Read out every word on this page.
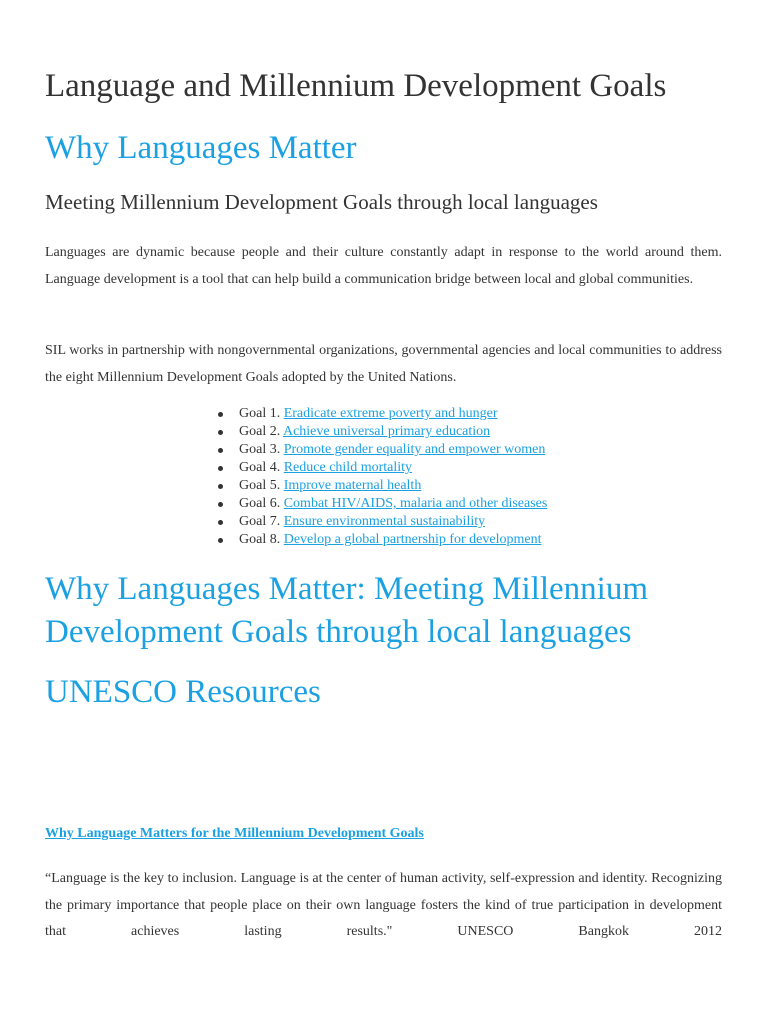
Language and Millennium Development Goals
Why Languages Matter
Meeting Millennium Development Goals through local languages

Languages are dynamic because people and their culture constantly adapt in response to the world around them. Language development is a tool that can help build a communication bridge between local and global communities.

SIL works in partnership with nongovernmental organizations, governmental agencies and local communities to address the eight Millennium Development Goals adopted by the United Nations.

Goal 1. Eradicate extreme poverty and hunger
Goal 2. Achieve universal primary education
Goal 3. Promote gender equality and empower women
Goal 4. Reduce child mortality
Goal 5. Improve maternal health
Goal 6. Combat HIV/AIDS, malaria and other diseases
Goal 7. Ensure environmental sustainability
Goal 8. Develop a global partnership for development
Why Languages Matter: Meeting Millennium Development Goals through local languages
UNESCO Resources
Why Language Matters for the Millennium Development Goals

“Language is the key to inclusion. Language is at the center of human activity, self-expression and identity. Recognizing the primary importance that people place on their own language fosters the kind of true participation in development that achieves lasting results." UNESCO Bangkok 2012
